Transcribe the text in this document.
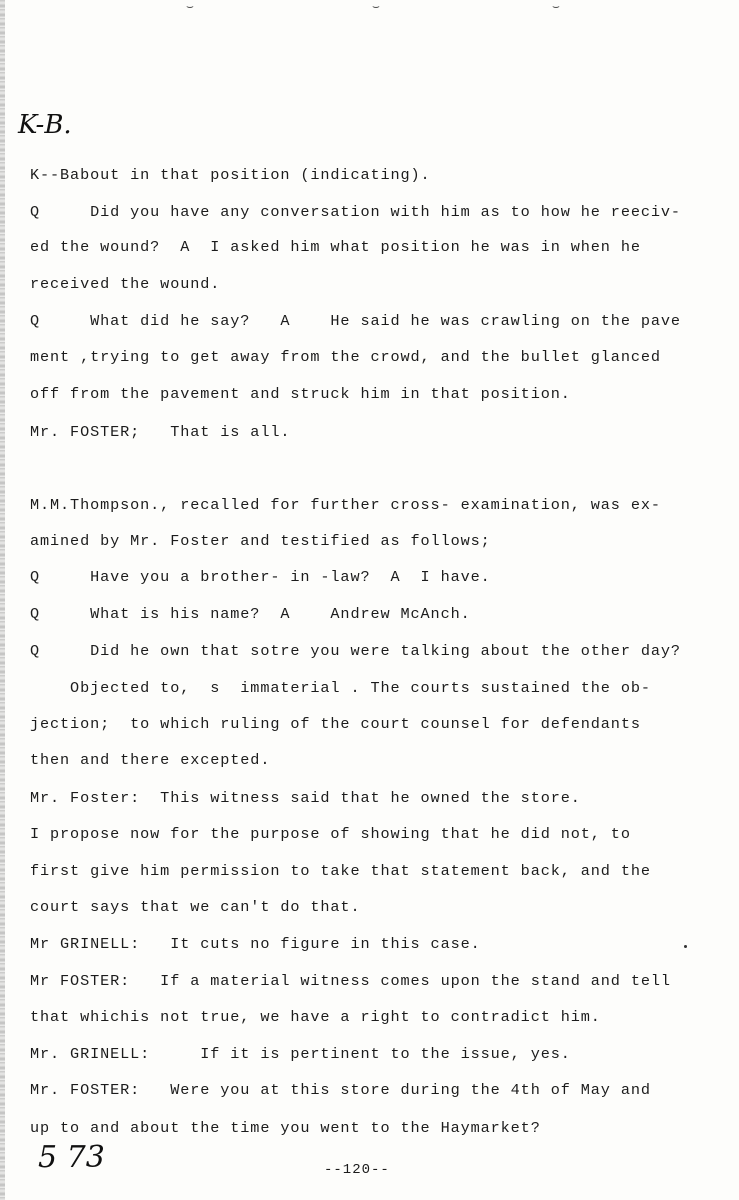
⌣	⌣	⌣
K-B.
K--Babout in that position (indicating).
Q     Did you have any conversation with him as to how he reeciv-
ed the wound?  A  I asked him what position he was in when he
received the wound.
Q     What did he say?   A    He said he was crawling on the pave
ment ,trying to get away from the crowd, and the bullet glanced
off from the pavement and struck him in that position.
Mr. FOSTER;   That is all.
M.M.Thompson., recalled for further cross- examination, was ex-
amined by Mr. Foster and testified as follows;
Q     Have you a brother- in -law?  A  I have.
Q     What is his name?  A    Andrew McAnch.
Q     Did he own that sotre you were talking about the other day?
Objected to,  s  immaterial . The courts sustained the ob-
jection;  to which ruling of the court counsel for defendants
then and there excepted.
Mr. Foster:  This witness said that he owned the store.
I propose now for the purpose of showing that he did not, to
first give him permission to take that statement back, and the
court says that we can't do that.
Mr GRINELL:   It cuts no figure in this case.
Mr FOSTER:   If a material witness comes upon the stand and tell
that whichis not true, we have a right to contradict him.
Mr. GRINELL:     If it is pertinent to the issue, yes.
Mr. FOSTER:   Were you at this store during the 4th of May and
up to and about the time you went to the Haymarket?
5 73	--120--
